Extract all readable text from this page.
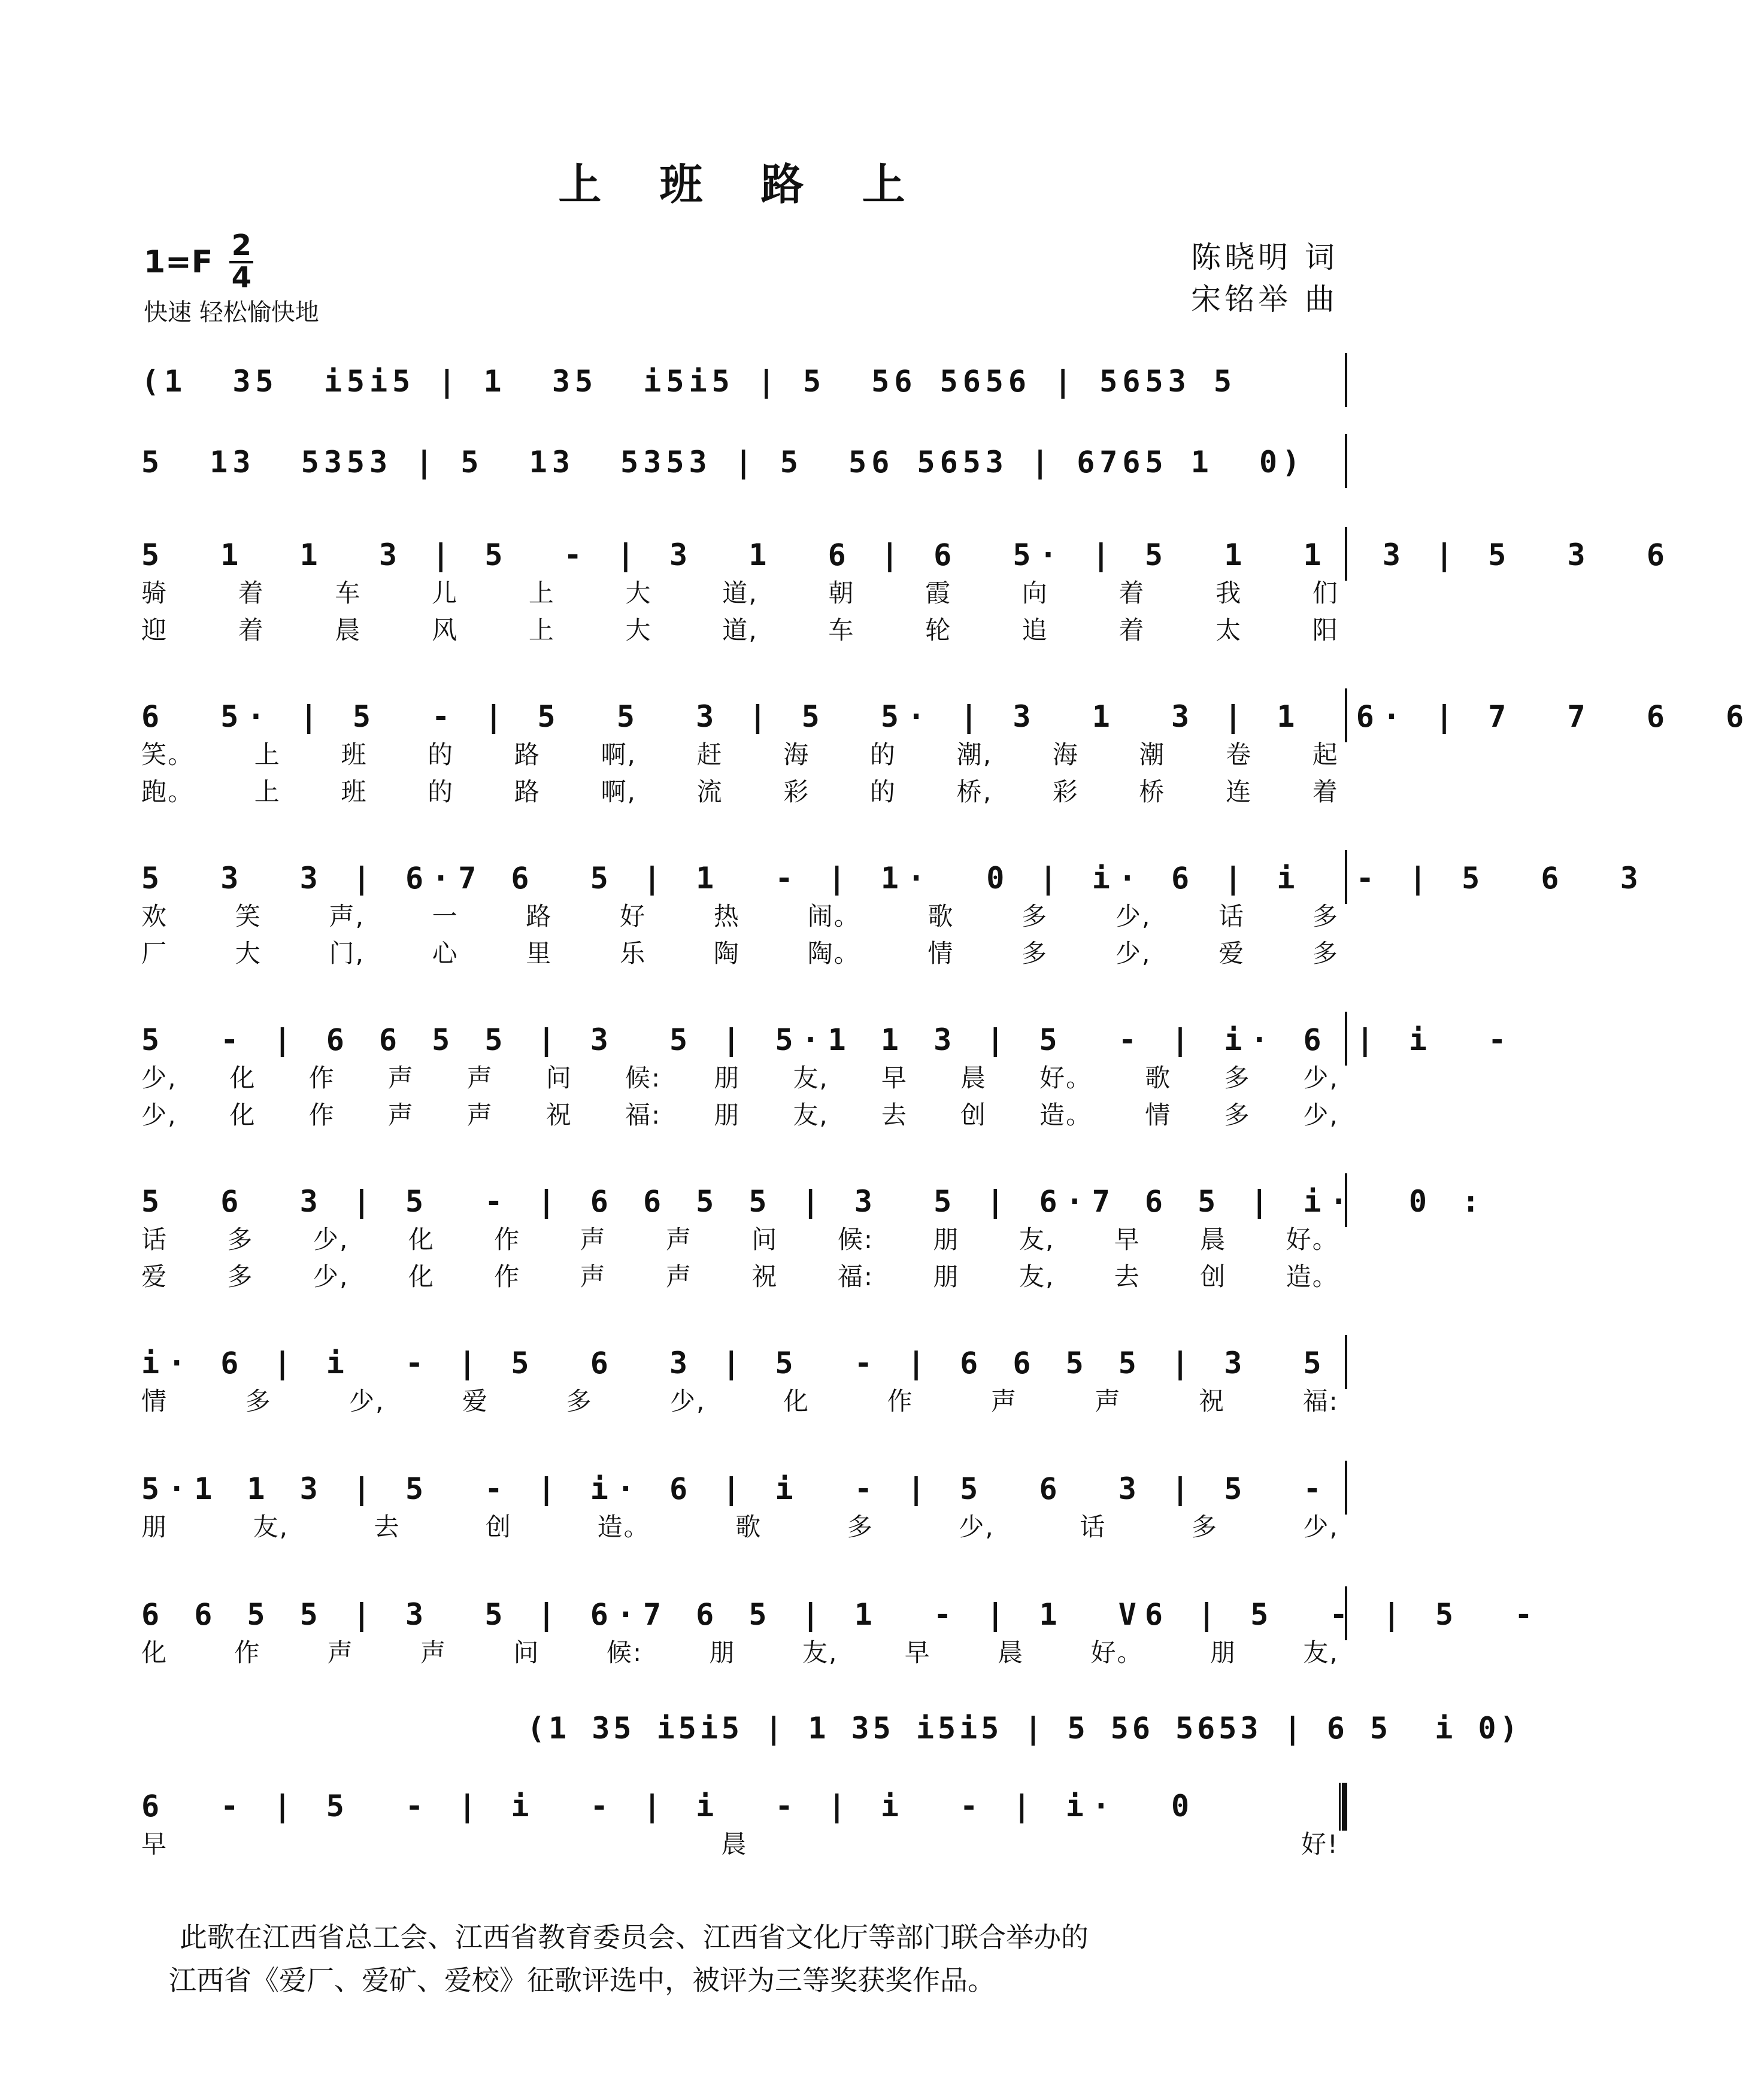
上 班 路 上
1=F 2
4
快速 轻松愉快地
陈晓明 词
宋铭举 曲
(1  35  i5i5 | 1  35  i5i5 | 5  56 5656 | 5653 5
5  13  5353 | 5  13  5353 | 5  56 5653 | 6765 1  0)
5  1  1  3 | 5  - | 3  1  6 | 6  5· | 5  1  1  3 | 5  3  6
骑	着	车	儿	上	大	道,	朝	霞	向	着	我	们
迎	着	晨	风	上	大	道,	车	轮	追	着	太	阳
6  5· | 5  - | 5  5  3 | 5  5· | 3  1  3 | 1  6· | 7  7  6  6
笑。 上 班 的 路 啊, 赶 海 的 潮, 海 潮 卷 起
跑。 上 班 的 路 啊, 流 彩 的 桥, 彩 桥 连 着
5  3  3 | 6·7 6  5 | 1  - | 1·  0 | i· 6 | i  - | 5  6  3
欢	笑	声,	一	路	好	热	闹。	歌	多	少,	话	多
厂	大	门,	心	里	乐	陶	陶。	情	多	少,	爱	多
5  - | 6 6 5 5 | 3  5 | 5·1 1 3 | 5  - | i· 6 | i  -
少, 化 作 声 声 问 候: 朋 友, 早 晨 好。 歌 多 少,
少, 化 作 声 声 祝 福: 朋 友, 去 创 造。 情 多 少,
5  6  3 | 5  - | 6 6 5 5 | 3  5 | 6·7 6 5 | i·  0 :
话 多 少, 化 作 声 声 问 候: 朋 友, 早 晨 好。
爱 多 少, 化 作 声 声 祝 福: 朋 友, 去 创 造。
i· 6 | i  - | 5  6  3 | 5  - | 6 6 5 5 | 3  5
情	多	少,	爱	多	少,	化	作	声	声	祝	福:
5·1 1 3 | 5  - | i· 6 | i  - | 5  6  3 | 5  -
朋	友,	去	创	造。	歌	多	少,	话	多	少,
6 6 5 5 | 3  5 | 6·7 6 5 | 1  - | 1  V6 | 5  - | 5  -
化	作	声	声	问	候:	朋	友,	早	晨	好。	朋	友,
6  - | 5  - | i  - | i  - | i  - | i·  0
早	晨	好!
(1 35 i5i5 | 1 35 i5i5 | 5 56 5653 | 6 5  i 0)
此歌在江西省总工会、江西省教育委员会、江西省文化厅等部门联合举办的
江西省《爱厂、爱矿、爱校》征歌评选中，被评为三等奖获奖作品。
